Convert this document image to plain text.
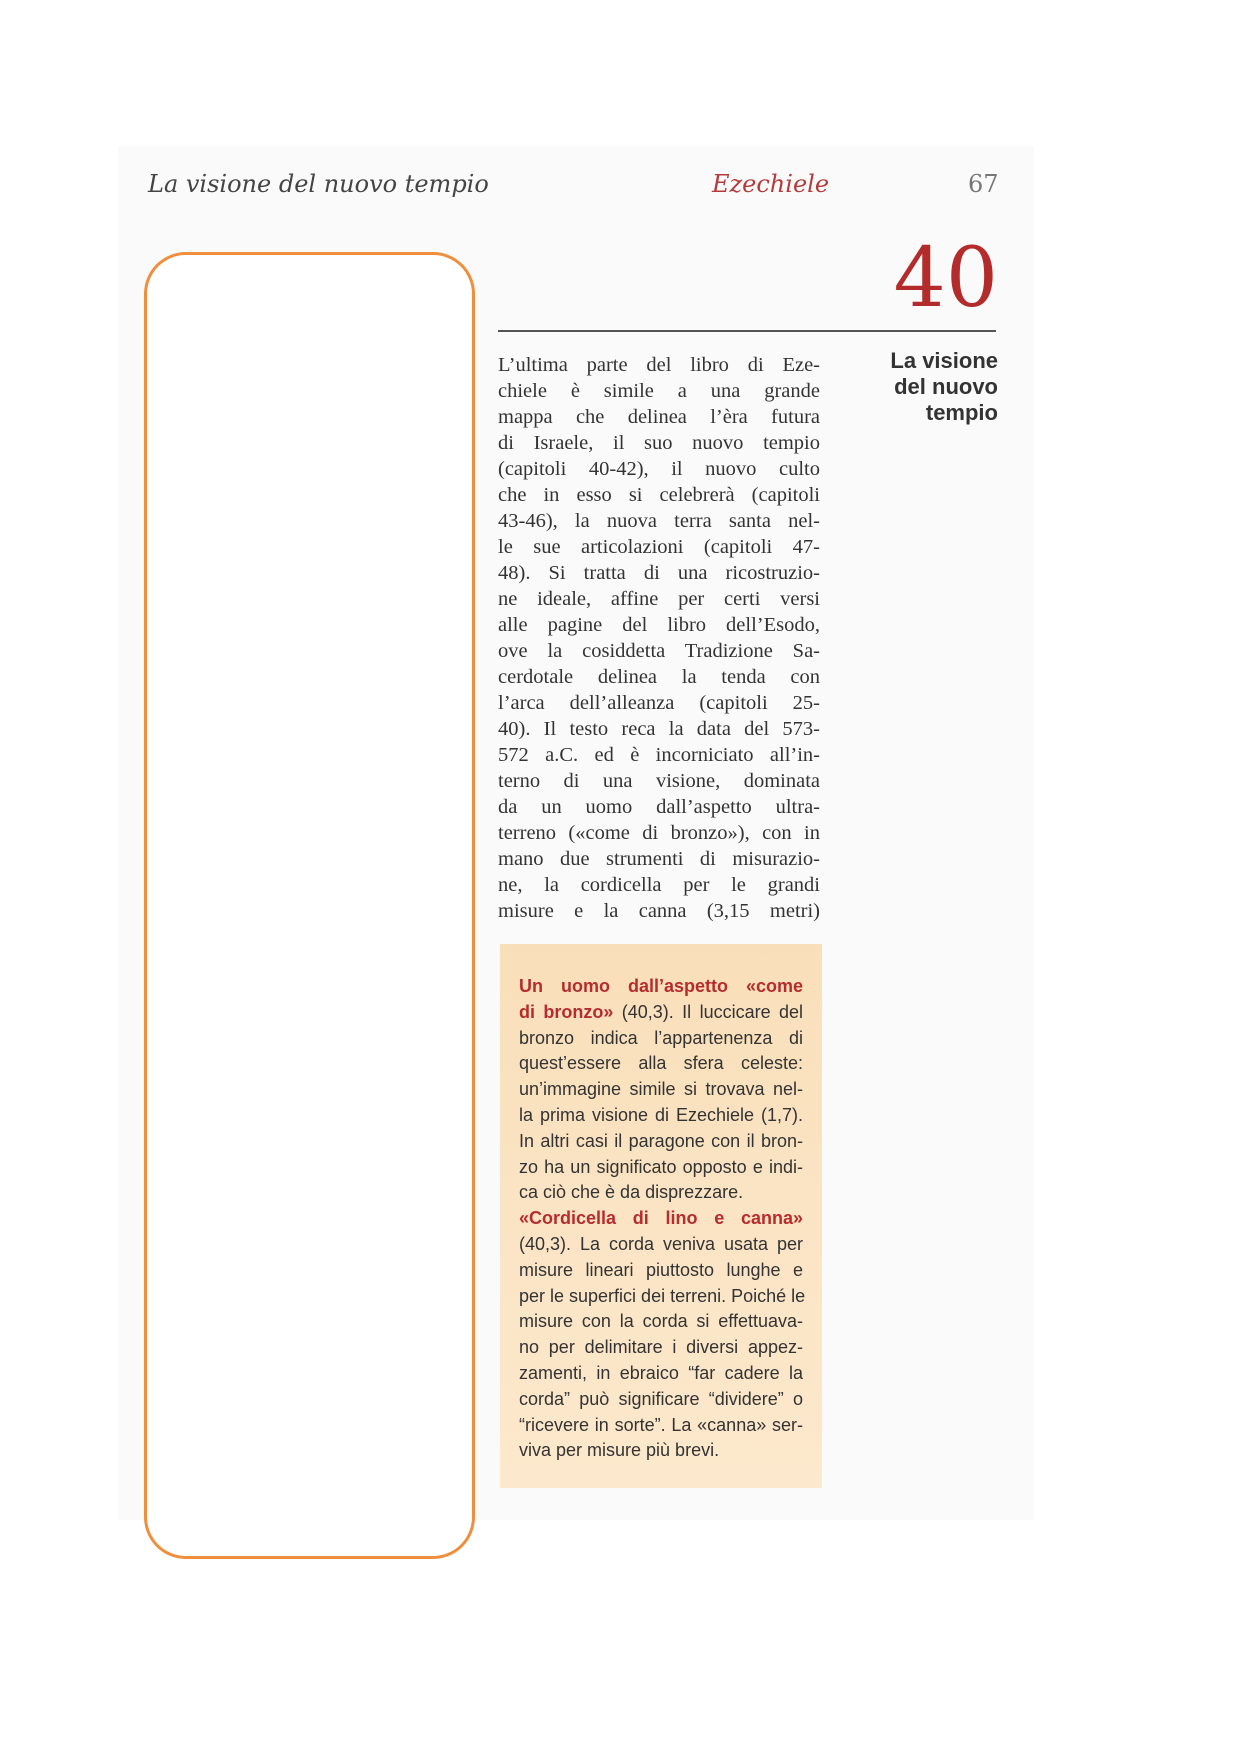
La visione del nuovo tempio	Ezechiele	67
40
La visione
del nuovo
tempio
L’ultima parte del libro di Eze-
chiele è simile a una grande
mappa che delinea l’èra futura
di Israele, il suo nuovo tempio
(capitoli 40-42), il nuovo culto
che in esso si celebrerà (capitoli
43-46), la nuova terra santa nel-
le sue articolazioni (capitoli 47-
48). Si tratta di una ricostruzio-
ne ideale, affine per certi versi
alle pagine del libro dell’Esodo,
ove la cosiddetta Tradizione Sa-
cerdotale delinea la tenda con
l’arca dell’alleanza (capitoli 25-
40). Il testo reca la data del 573-
572 a.C. ed è incorniciato all’in-
terno di una visione, dominata
da un uomo dall’aspetto ultra-
terreno («come di bronzo»), con in
mano due strumenti di misurazio-
ne, la cordicella per le grandi
misure e la canna (3,15 metri)
Un uomo dall’aspetto «come
di bronzo» (40,3). Il luccicare del
bronzo indica l’appartenenza di
quest’essere alla sfera celeste:
un’immagine simile si trovava nel-
la prima visione di Ezechiele (1,7).
In altri casi il paragone con il bron-
zo ha un significato opposto e indi-
ca ciò che è da disprezzare.
«Cordicella di lino e canna»
(40,3). La corda veniva usata per
misure lineari piuttosto lunghe e
per le superfici dei terreni. Poiché le
misure con la corda si effettuava-
no per delimitare i diversi appez-
zamenti, in ebraico “far cadere la
corda” può significare “dividere” o
“ricevere in sorte”. La «canna» ser-
viva per misure più brevi.
